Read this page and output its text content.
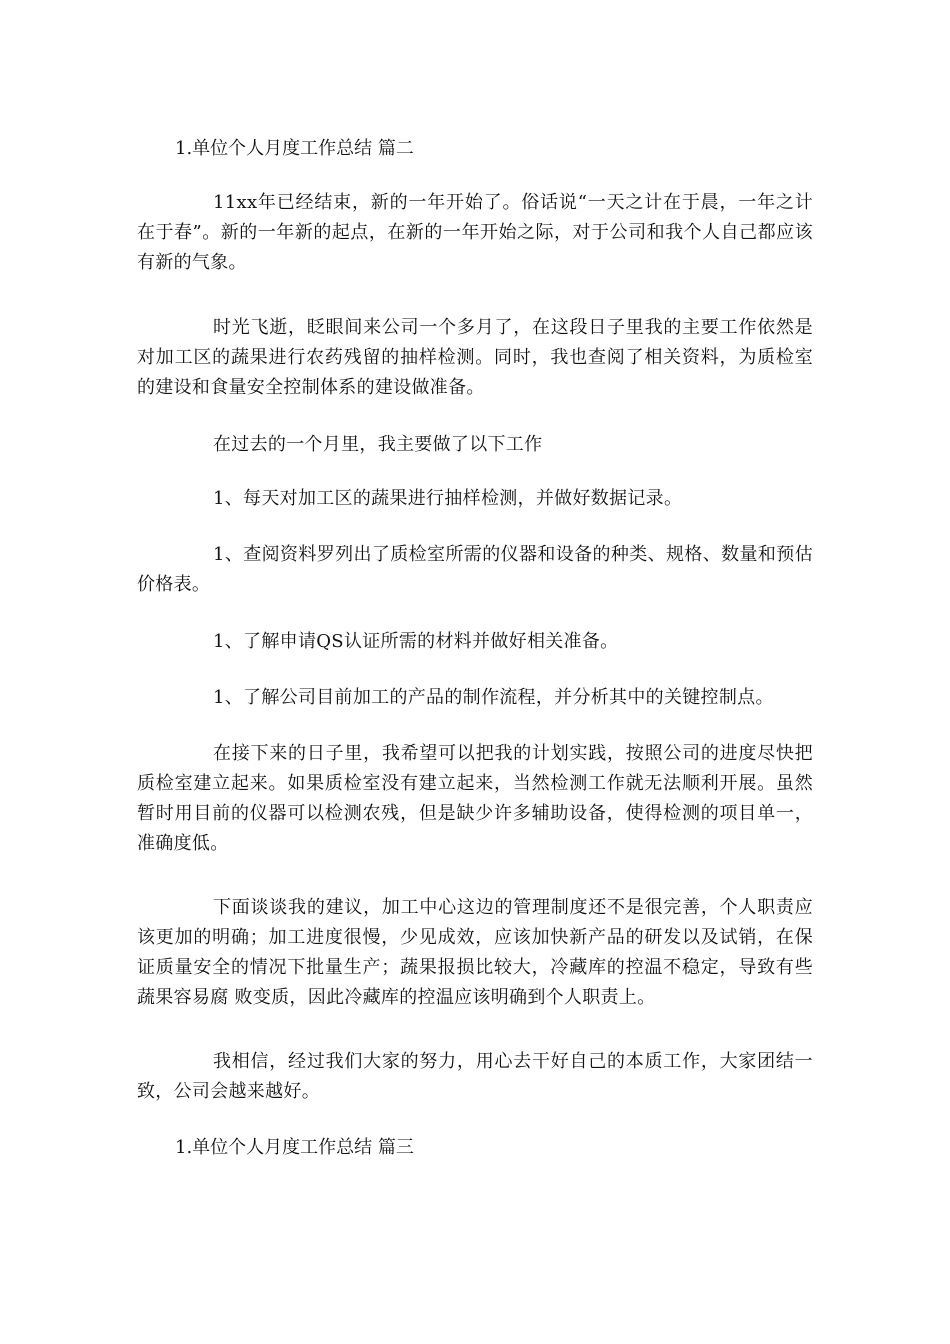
1.单位个人月度工作总结 篇二

11xx年已经结束，新的一年开始了。俗话说“一天之计在于晨，一年之计在于春”。新的一年新的起点，在新的一年开始之际，对于公司和我个人自己都应该有新的气象。

时光飞逝，眨眼间来公司一个多月了，在这段日子里我的主要工作依然是对加工区的蔬果进行农药残留的抽样检测。同时，我也查阅了相关资料，为质检室的建设和食量安全控制体系的建设做准备。

在过去的一个月里，我主要做了以下工作

1、每天对加工区的蔬果进行抽样检测，并做好数据记录。

1、查阅资料罗列出了质检室所需的仪器和设备的种类、规格、数量和预估价格表。

1、了解申请QS认证所需的材料并做好相关准备。

1、了解公司目前加工的产品的制作流程，并分析其中的关键控制点。

在接下来的日子里，我希望可以把我的计划实践，按照公司的进度尽快把质检室建立起来。如果质检室没有建立起来，当然检测工作就无法顺利开展。虽然暂时用目前的仪器可以检测农残，但是缺少许多辅助设备，使得检测的项目单一，准确度低。

下面谈谈我的建议，加工中心这边的管理制度还不是很完善，个人职责应该更加的明确；加工进度很慢，少见成效，应该加快新产品的研发以及试销，在保证质量安全的情况下批量生产；蔬果报损比较大，冷藏库的控温不稳定，导致有些蔬果容易腐 败变质，因此冷藏库的控温应该明确到个人职责上。

我相信，经过我们大家的努力，用心去干好自己的本质工作，大家团结一致，公司会越来越好。

1.单位个人月度工作总结 篇三
